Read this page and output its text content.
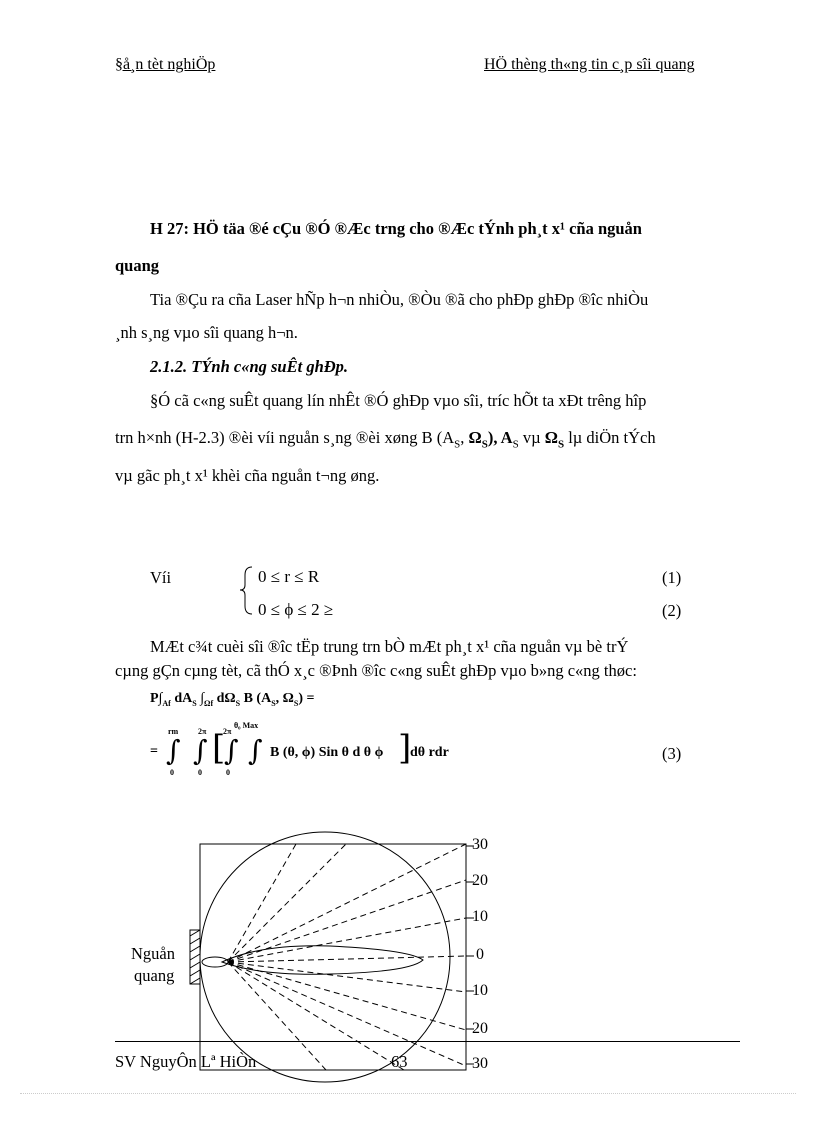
§å¸n tèt nghiÖp	HÖ thèng th«ng tin c¸p sîi quang
H 27: HÖ täa ®é cÇu ®Ó ®Æc trng cho ®Æc tÝnh ph¸t x¹ cña nguån
quang
Tia ®Çu ra cña Laser hÑp h¬n nhiÒu, ®Òu ®ã cho phÐp ghÐp ®îc nhiÒu
¸nh s¸ng vµo sîi quang h¬n.
2.1.2. TÝnh c«ng suÊt ghÐp.
§Ó cã c«ng suÊt quang lín nhÊt ®Ó ghÐp vµo sîi, tríc hÕt ta xÐt trêng hîp
trn h×nh (H-2.3) ®èi víi nguån s¸ng ®èi xøng B ($A_S$, $\Omega_S$), $A_S$ vµ $\Omega_S$ lµ diÖn tÝch
vµ gãc ph¸t x¹ khèi cña nguån t¬ng øng.
Víi	0 ≤ r ≤ R
0 ≤ ϕ ≤ 2 ≥
(1)
(2)
MÆt c¾t cuèi sîi ®îc tËp trung trn bÒ mÆt ph¸t x¹ cña nguån vµ bè trÝ
cµng gÇn cµng tèt, cã thÓ x¸c ®Þnh ®îc c«ng suÊt ghÐp vµo b»ng c«ng thøc:
$P\int_{Af}$ $dA_S$ $\int_{\Omega f}$ $d\Omega_S$ B ($A_S$, $\Omega_S$) =
=
rm 2π 2π
θ₀ Max
∫ ∫ [
∫ ∫
0	0	0
B (θ, ϕ) Sin θ d θ ϕ ]
dθ rdr	(3)
30
20
10
0
10
20
30
Nguån
quang
SV NguyÔn Lª HiÒn	63
